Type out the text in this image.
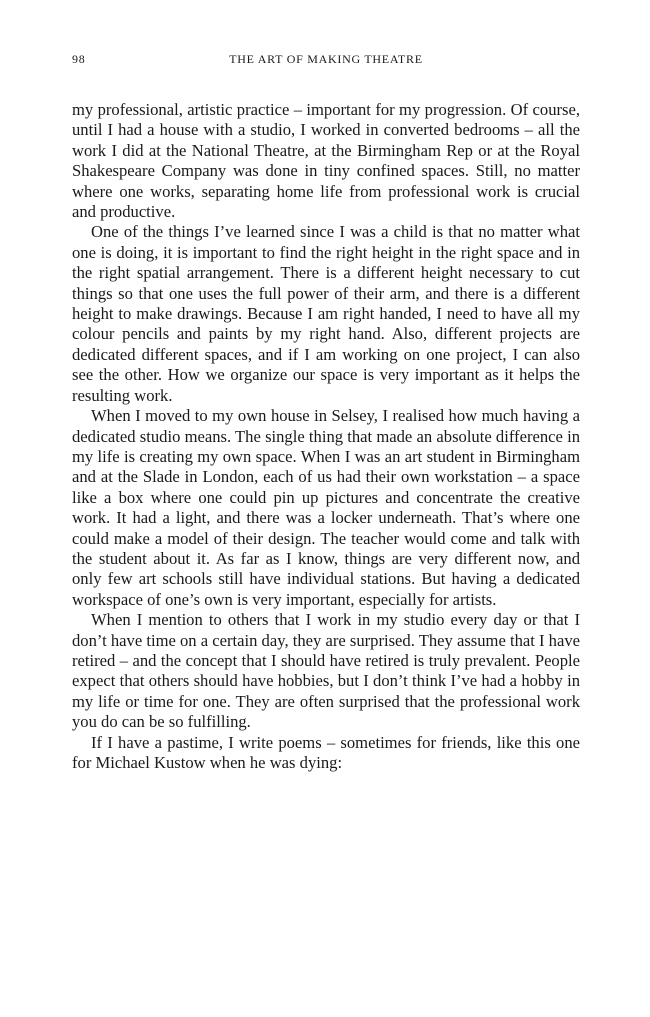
98	THE ART OF MAKING THEATRE

my professional, artistic practice – important for my progression. Of course, until I had a house with a studio, I worked in converted bedrooms – all the work I did at the National Theatre, at the Birmingham Rep or at the Royal Shakespeare Company was done in tiny confined spaces. Still, no matter where one works, separating home life from professional work is crucial and productive.

One of the things I’ve learned since I was a child is that no matter what one is doing, it is important to find the right height in the right space and in the right spatial arrangement. There is a different height necessary to cut things so that one uses the full power of their arm, and there is a different height to make drawings. Because I am right handed, I need to have all my colour pencils and paints by my right hand. Also, different projects are dedicated different spaces, and if I am working on one project, I can also see the other. How we organize our space is very important as it helps the resulting work.

When I moved to my own house in Selsey, I realised how much having a dedicated studio means. The single thing that made an absolute difference in my life is creating my own space. When I was an art student in Birmingham and at the Slade in London, each of us had their own workstation – a space like a box where one could pin up pictures and concentrate the creative work. It had a light, and there was a locker underneath. That’s where one could make a model of their design. The teacher would come and talk with the student about it. As far as I know, things are very different now, and only few art schools still have individual stations. But having a dedicated workspace of one’s own is very important, especially for artists.

When I mention to others that I work in my studio every day or that I don’t have time on a certain day, they are surprised. They assume that I have retired – and the concept that I should have retired is truly prevalent. People expect that others should have hobbies, but I don’t think I’ve had a hobby in my life or time for one. They are often surprised that the professional work you do can be so fulfilling.

If I have a pastime, I write poems – sometimes for friends, like this one for Michael Kustow when he was dying:
